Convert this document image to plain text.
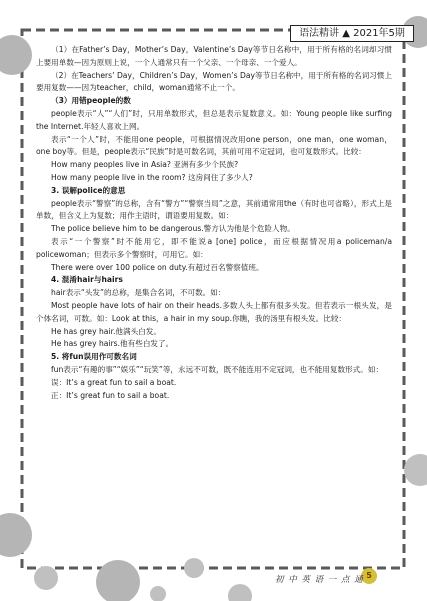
语法精讲 ▲ 2021年5期

（1）在Father’s Day，Mother’s Day，Valentine’s Day等节日名称中，用于所有格的名词却习惯上要用单数—因为原则上说，一个人通常只有一个父亲、一个母亲、一个爱人。

（2）在Teachers’ Day，Children’s Day，Women’s Day等节日名称中，用于所有格的名词习惯上要用复数——因为teacher，child，woman通常不止一个。

（3）用错people的数

people表示“人”“人们”时，只用单数形式，但总是表示复数意义。如：Young people like surfing the Internet.年轻人喜欢上网。

表示“一个人”时，不能用one people，可根据情况改用one person，one man，one woman，one boy等。但是，people表示“民族”时是可数名词，其前可用不定冠词，也可复数形式。比较：

How many peoples live in Asia? 亚洲有多少个民族?

How many people live in the room? 这房间住了多少人?

3. 误解police的意思

people表示“警察”的总称，含有“警方”“警察当局”之意，其前通常用the（有时也可省略），形式上是单数，但含义上为复数；用作主语时，谓语要用复数。如：

The police believe him to be dangerous.警方认为他是个危险人物。

表示“一个警察”时不能用它，即不能说a [one] police，而应根据情况用a policeman/a policewoman；但表示多个警察时，可用它。如：

There were over 100 police on duty.有超过百名警察值班。

4. 混淆hair与hairs

hair表示“头发”的总称，是集合名词，不可数。如：

Most people have lots of hair on their heads.多数人头上都有很多头发。但若表示一根头发，是个体名词，可数。如：Look at this，a hair in my soup.你瞧，我的汤里有根头发。比较：

He has grey hair.他满头白发。

He has grey hairs.他有些白发了。

5. 将fun误用作可数名词

fun表示“有趣的事”“娱乐”“玩笑”等，永远不可数，既不能连用不定冠词，也不能用复数形式。如：

误：It’s a great fun to sail a boat.

正：It’s great fun to sail a boat.

初 中 英 语 一 点 通 5
